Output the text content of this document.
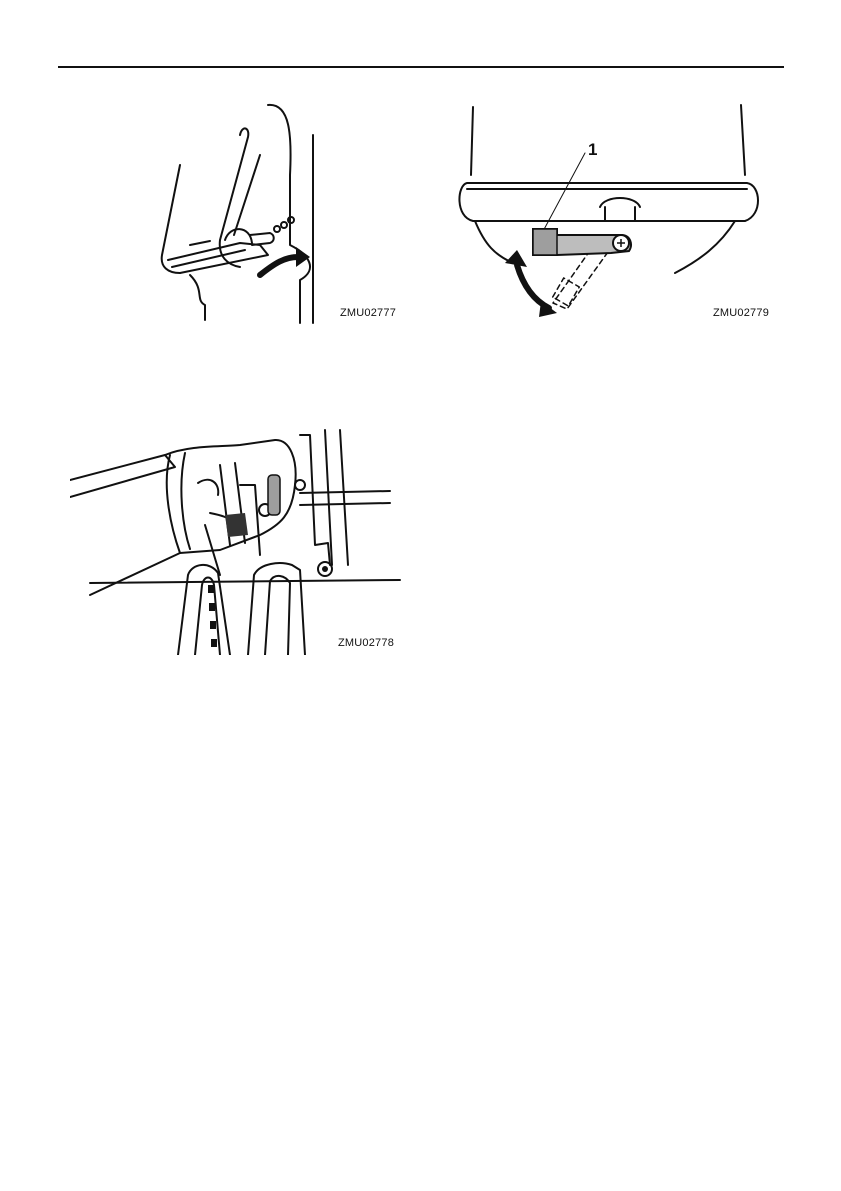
ZMU02777
1
ZMU02779
ZMU02778
